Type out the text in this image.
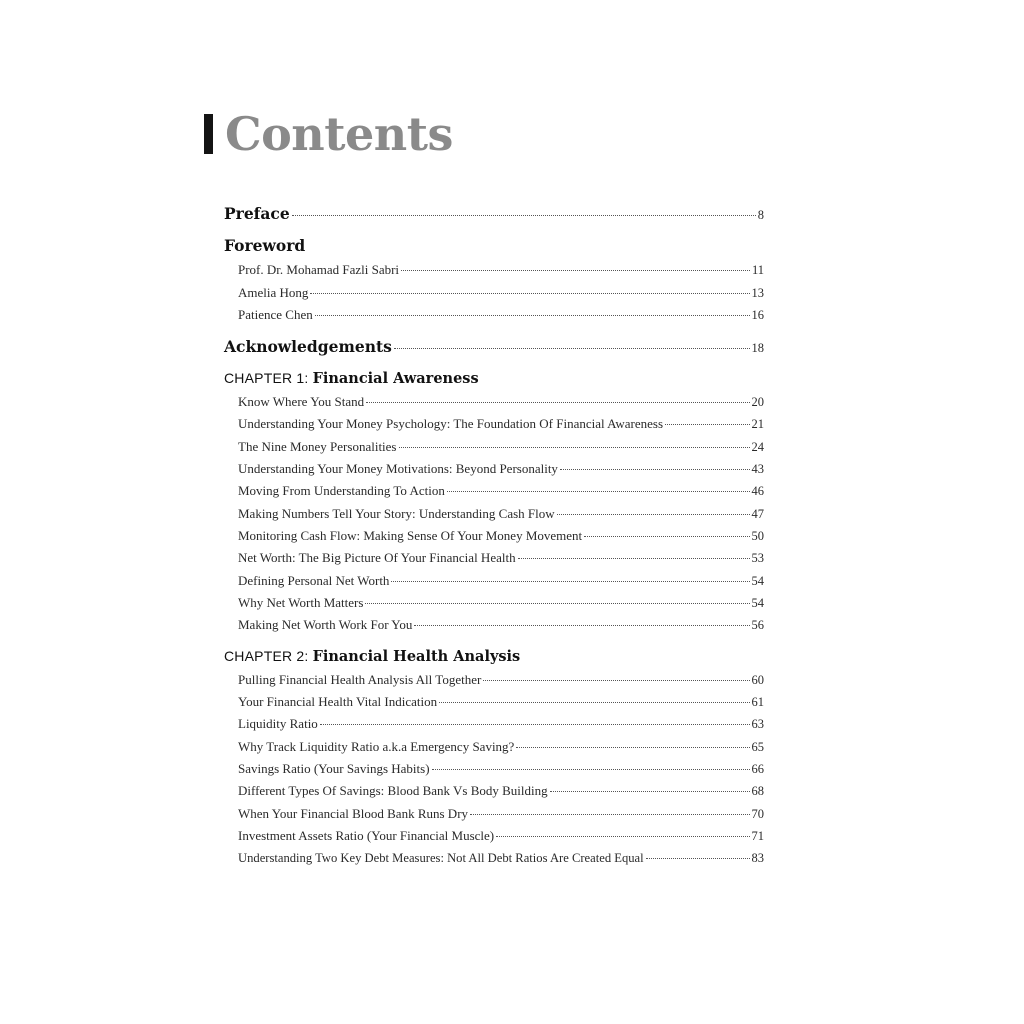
Contents
Preface	8
Foreword
Prof. Dr. Mohamad Fazli Sabri	11
Amelia Hong	13
Patience Chen	16
Acknowledgements	18
CHAPTER 1: Financial Awareness
Know Where You Stand	20
Understanding Your Money Psychology: The Foundation Of Financial Awareness	21
The Nine Money Personalities	24
Understanding Your Money Motivations: Beyond Personality	43
Moving From Understanding To Action	46
Making Numbers Tell Your Story: Understanding Cash Flow	47
Monitoring Cash Flow: Making Sense Of Your Money Movement	50
Net Worth: The Big Picture Of Your Financial Health	53
Defining Personal Net Worth	54
Why Net Worth Matters	54
Making Net Worth Work For You	56
CHAPTER 2: Financial Health Analysis
Pulling Financial Health Analysis All Together	60
Your Financial Health Vital Indication	61
Liquidity Ratio	63
Why Track Liquidity Ratio a.k.a Emergency Saving?	65
Savings Ratio (Your Savings Habits)	66
Different Types Of Savings: Blood Bank Vs Body Building	68
When Your Financial Blood Bank Runs Dry	70
Investment Assets Ratio (Your Financial Muscle)	71
Understanding Two Key Debt Measures: Not All Debt Ratios Are Created Equal	83
